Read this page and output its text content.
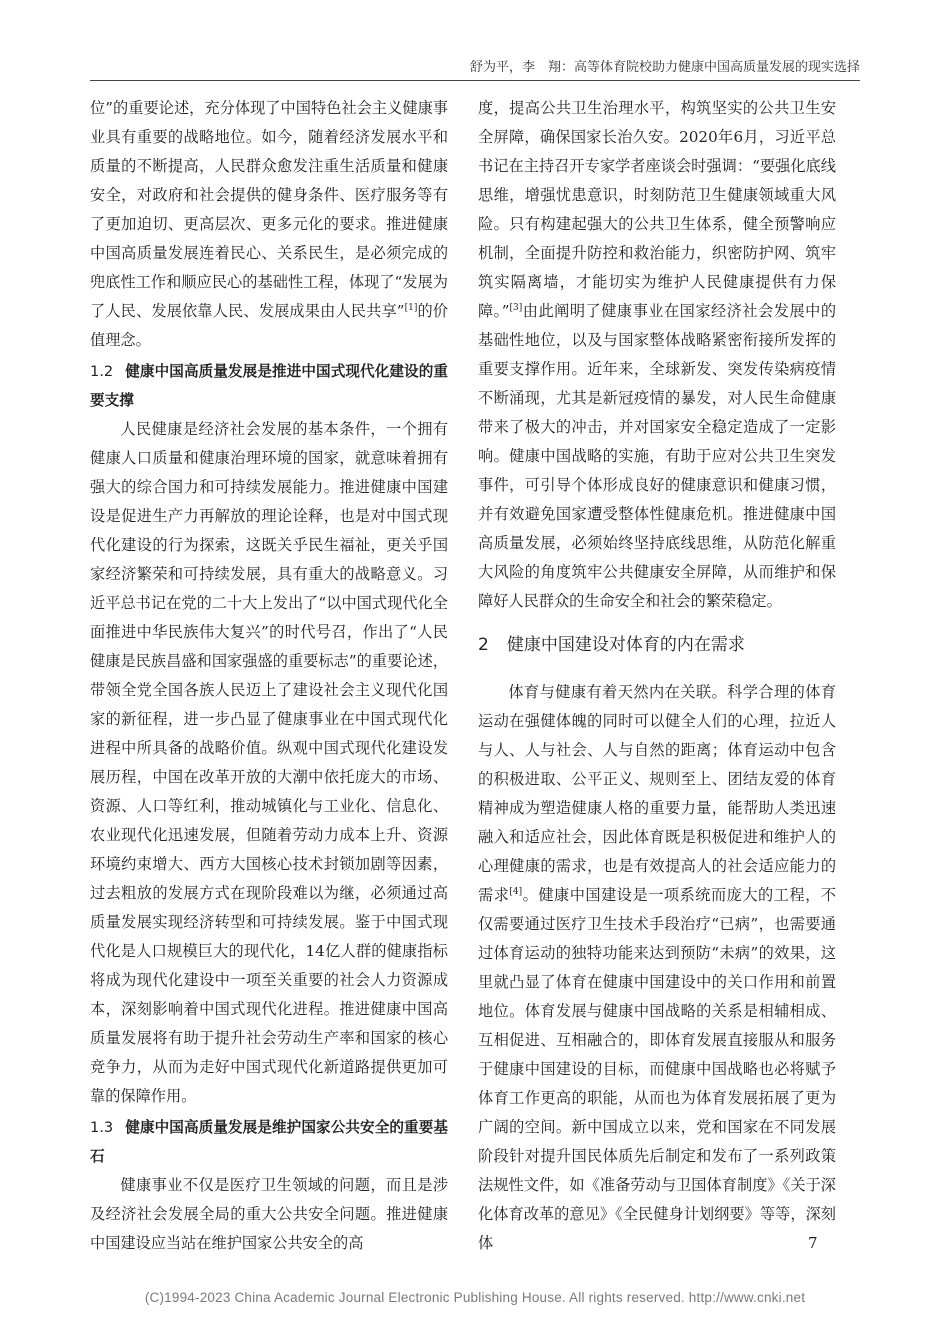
舒为平，李　翔：高等体育院校助力健康中国高质量发展的现实选择

位”的重要论述，充分体现了中国特色社会主义健康事业具有重要的战略地位。如今，随着经济发展水平和质量的不断提高，人民群众愈发注重生活质量和健康安全，对政府和社会提供的健身条件、医疗服务等有了更加迫切、更高层次、更多元化的要求。推进健康中国高质量发展连着民心、关系民生，是必须完成的兜底性工作和顺应民心的基础性工程，体现了“发展为了人民、发展依靠人民、发展成果由人民共享”[1]的价值理念。

1.2 健康中国高质量发展是推进中国式现代化建设的重要支撑

人民健康是经济社会发展的基本条件，一个拥有健康人口质量和健康治理环境的国家，就意味着拥有强大的综合国力和可持续发展能力。推进健康中国建设是促进生产力再解放的理论诠释，也是对中国式现代化建设的行为探索，这既关乎民生福祉，更关乎国家经济繁荣和可持续发展，具有重大的战略意义。习近平总书记在党的二十大上发出了“以中国式现代化全面推进中华民族伟大复兴”的时代号召，作出了“人民健康是民族昌盛和国家强盛的重要标志”的重要论述，带领全党全国各族人民迈上了建设社会主义现代化国家的新征程，进一步凸显了健康事业在中国式现代化进程中所具备的战略价值。纵观中国式现代化建设发展历程，中国在改革开放的大潮中依托庞大的市场、资源、人口等红利，推动城镇化与工业化、信息化、农业现代化迅速发展，但随着劳动力成本上升、资源环境约束增大、西方大国核心技术封锁加剧等因素，过去粗放的发展方式在现阶段难以为继，必须通过高质量发展实现经济转型和可持续发展。鉴于中国式现代化是人口规模巨大的现代化，14亿人群的健康指标将成为现代化建设中一项至关重要的社会人力资源成本，深刻影响着中国式现代化进程。推进健康中国高质量发展将有助于提升社会劳动生产率和国家的核心竞争力，从而为走好中国式现代化新道路提供更加可靠的保障作用。

1.3 健康中国高质量发展是维护国家公共安全的重要基石

健康事业不仅是医疗卫生领域的问题，而且是涉及经济社会发展全局的重大公共安全问题。推进健康中国建设应当站在维护国家公共安全的高

度，提高公共卫生治理水平，构筑坚实的公共卫生安全屏障，确保国家长治久安。2020年6月，习近平总书记在主持召开专家学者座谈会时强调：“要强化底线思维，增强忧患意识，时刻防范卫生健康领域重大风险。只有构建起强大的公共卫生体系，健全预警响应机制，全面提升防控和救治能力，织密防护网、筑牢筑实隔离墙，才能切实为维护人民健康提供有力保障。”[3]由此阐明了健康事业在国家经济社会发展中的基础性地位，以及与国家整体战略紧密衔接所发挥的重要支撑作用。近年来，全球新发、突发传染病疫情不断涌现，尤其是新冠疫情的暴发，对人民生命健康带来了极大的冲击，并对国家安全稳定造成了一定影响。健康中国战略的实施，有助于应对公共卫生突发事件，可引导个体形成良好的健康意识和健康习惯，并有效避免国家遭受整体性健康危机。推进健康中国高质量发展，必须始终坚持底线思维，从防范化解重大风险的角度筑牢公共健康安全屏障，从而维护和保障好人民群众的生命安全和社会的繁荣稳定。

2 健康中国建设对体育的内在需求

体育与健康有着天然内在关联。科学合理的体育运动在强健体魄的同时可以健全人们的心理，拉近人与人、人与社会、人与自然的距离；体育运动中包含的积极进取、公平正义、规则至上、团结友爱的体育精神成为塑造健康人格的重要力量，能帮助人类迅速融入和适应社会，因此体育既是积极促进和维护人的心理健康的需求，也是有效提高人的社会适应能力的需求[4]。健康中国建设是一项系统而庞大的工程，不仅需要通过医疗卫生技术手段治疗“已病”，也需要通过体育运动的独特功能来达到预防“未病”的效果，这里就凸显了体育在健康中国建设中的关口作用和前置地位。体育发展与健康中国战略的关系是相辅相成、互相促进、互相融合的，即体育发展直接服从和服务于健康中国建设的目标，而健康中国战略也必将赋予体育工作更高的职能，从而也为体育发展拓展了更为广阔的空间。新中国成立以来，党和国家在不同发展阶段针对提升国民体质先后制定和发布了一系列政策法规性文件，如《准备劳动与卫国体育制度》《关于深化体育改革的意见》《全民健身计划纲要》等等，深刻体	7
(C)1994-2023 China Academic Journal Electronic Publishing House. All rights reserved. http://www.cnki.net
